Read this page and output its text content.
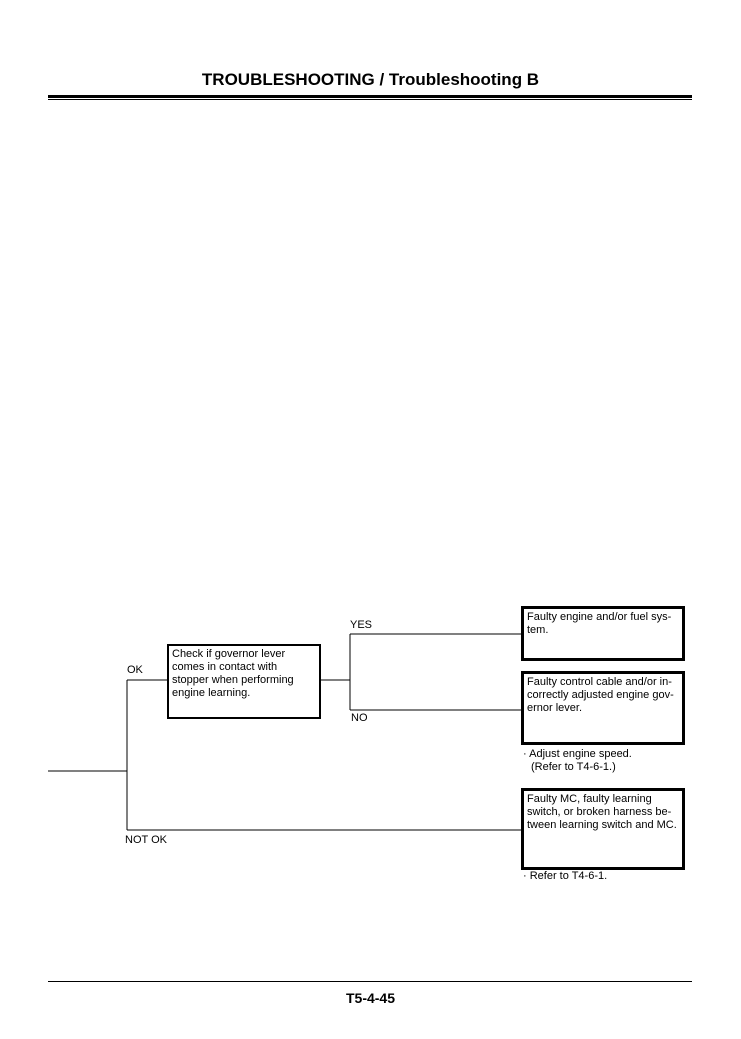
TROUBLESHOOTING / Troubleshooting B
Check if governor lever comes in contact with stopper when performing engine learning.
OK
NOT OK
YES
NO
Faulty engine and/or fuel sys-tem.
Faulty control cable and/or in-correctly adjusted engine gov-ernor lever.
Faulty MC, faulty learning switch, or broken harness be-tween learning switch and MC.
· Adjust engine speed.
(Refer to T4-6-1.)
· Refer to T4-6-1.
T5-4-45
